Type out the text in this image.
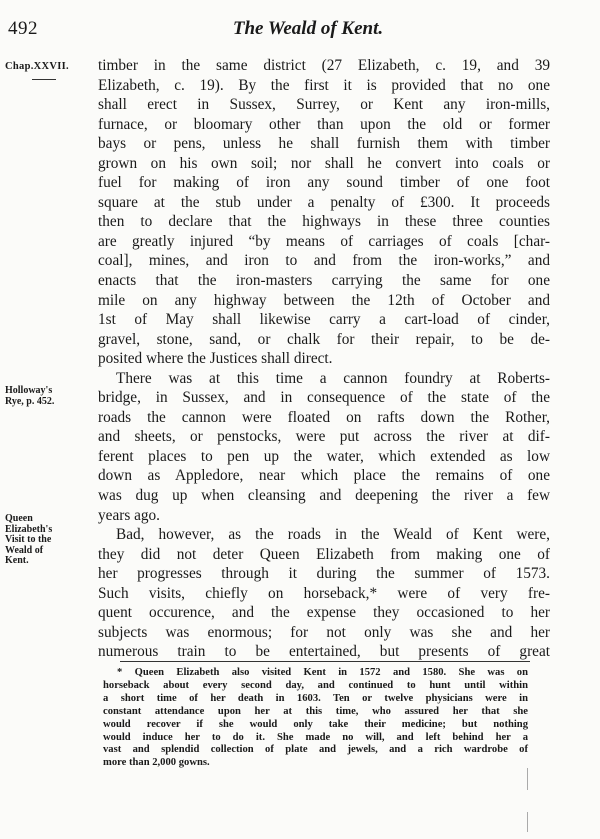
492	The Weald of Kent.
Chap.XXVII.
Holloway's
Rye, p. 452.
Queen
Elizabeth's
Visit to the
Weald of
Kent.
timber in the same district (27 Elizabeth, c. 19, and 39
Elizabeth, c. 19). By the first it is provided that no one
shall erect in Sussex, Surrey, or Kent any iron-mills,
furnace, or bloomary other than upon the old or former
bays or pens, unless he shall furnish them with timber
grown on his own soil; nor shall he convert into coals or
fuel for making of iron any sound timber of one foot
square at the stub under a penalty of £300. It proceeds
then to declare that the highways in these three counties
are greatly injured “by means of carriages of coals [char-
coal], mines, and iron to and from the iron-works,” and
enacts that the iron-masters carrying the same for one
mile on any highway between the 12th of October and
1st of May shall likewise carry a cart-load of cinder,
gravel, stone, sand, or chalk for their repair, to be de-
posited where the Justices shall direct.
There was at this time a cannon foundry at Roberts-
bridge, in Sussex, and in consequence of the state of the
roads the cannon were floated on rafts down the Rother,
and sheets, or penstocks, were put across the river at dif-
ferent places to pen up the water, which extended as low
down as Appledore, near which place the remains of one
was dug up when cleansing and deepening the river a few
years ago.
Bad, however, as the roads in the Weald of Kent were,
they did not deter Queen Elizabeth from making one of
her progresses through it during the summer of 1573.
Such visits, chiefly on horseback,* were of very fre-
quent occurence, and the expense they occasioned to her
subjects was enormous; for not only was she and her
numerous train to be entertained, but presents of great
* Queen Elizabeth also visited Kent in 1572 and 1580. She was on
horseback about every second day, and continued to hunt until within
a short time of her death in 1603. Ten or twelve physicians were in
constant attendance upon her at this time, who assured her that she
would recover if she would only take their medicine; but nothing
would induce her to do it. She made no will, and left behind her a
vast and splendid collection of plate and jewels, and a rich wardrobe of
more than 2,000 gowns.
